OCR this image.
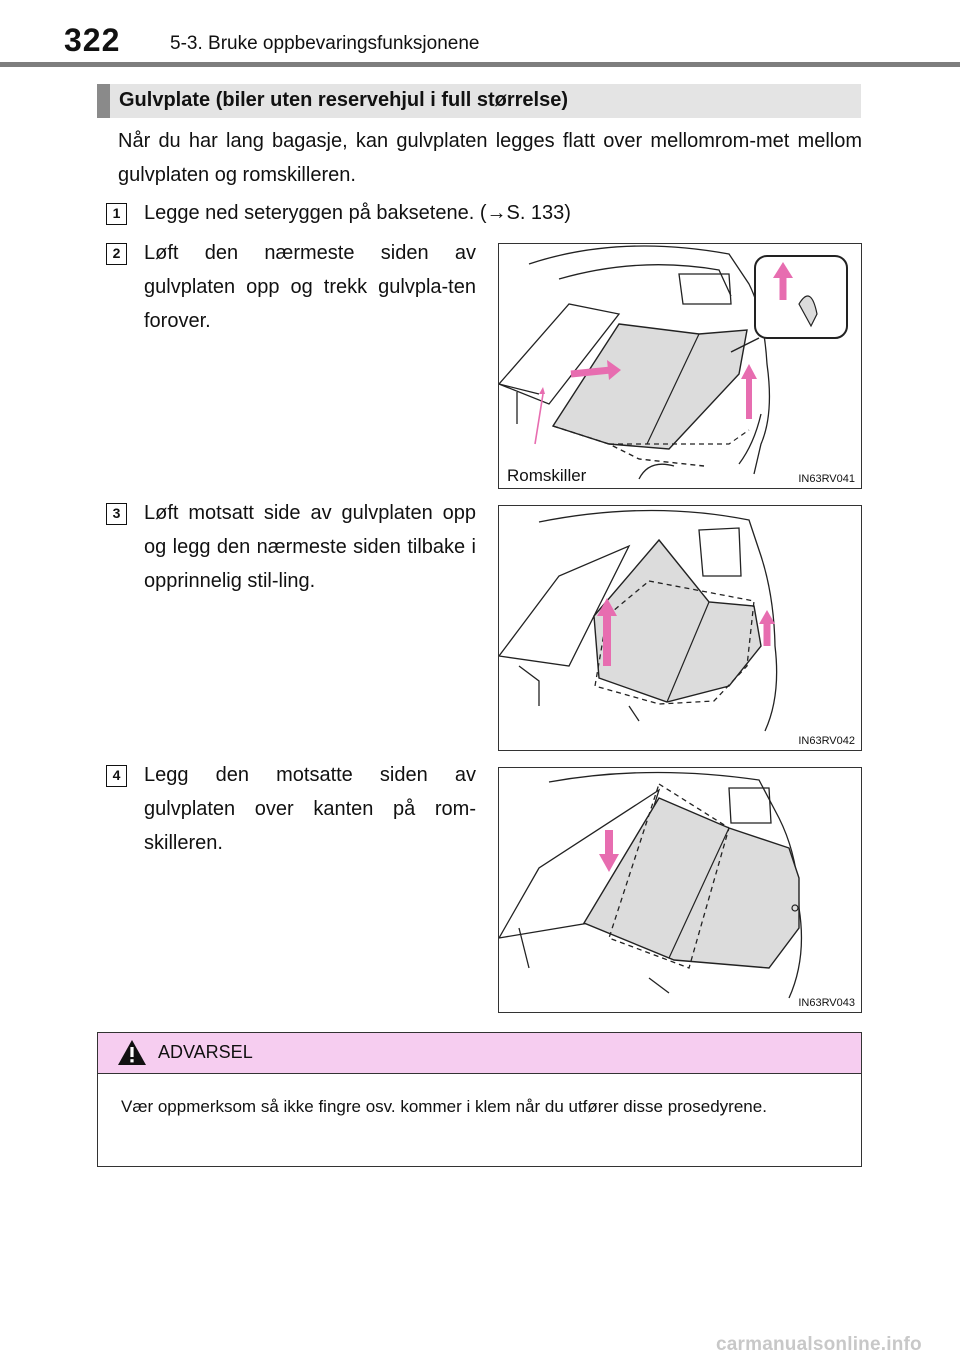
322	5-3. Bruke oppbevaringsfunksjonene
Gulvplate (biler uten reservehjul i full størrelse)
Når du har lang bagasje, kan gulvplaten legges flatt over mellomrom-met mellom gulvplaten og romskilleren.
1	Legge ned seteryggen på baksetene. (→S. 133)
2	Løft den nærmeste siden av gulvplaten opp og trekk gulvpla-ten forover.
Romskiller	IN63RV041
3	Løft motsatt side av gulvplaten opp og legg den nærmeste siden tilbake i opprinnelig stil-ling.
IN63RV042
4	Legg den motsatte siden av gulvplaten over kanten på rom-skilleren.
IN63RV043
ADVARSEL
Vær oppmerksom så ikke fingre osv. kommer i klem når du utfører disse prosedyrene.
carmanualsonline.info
